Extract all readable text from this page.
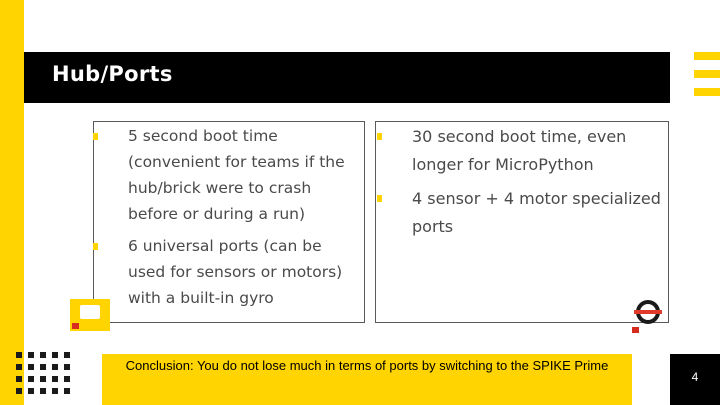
Hub/Ports
5 second boot time (convenient for teams if the hub/brick were to crash before or during a run)
6 universal ports (can be used for sensors or motors) with a built-in gyro
30 second boot time, even longer for MicroPython
4 sensor + 4 motor specialized ports
Conclusion: You do not lose much in terms of ports by switching to the SPIKE Prime
4
